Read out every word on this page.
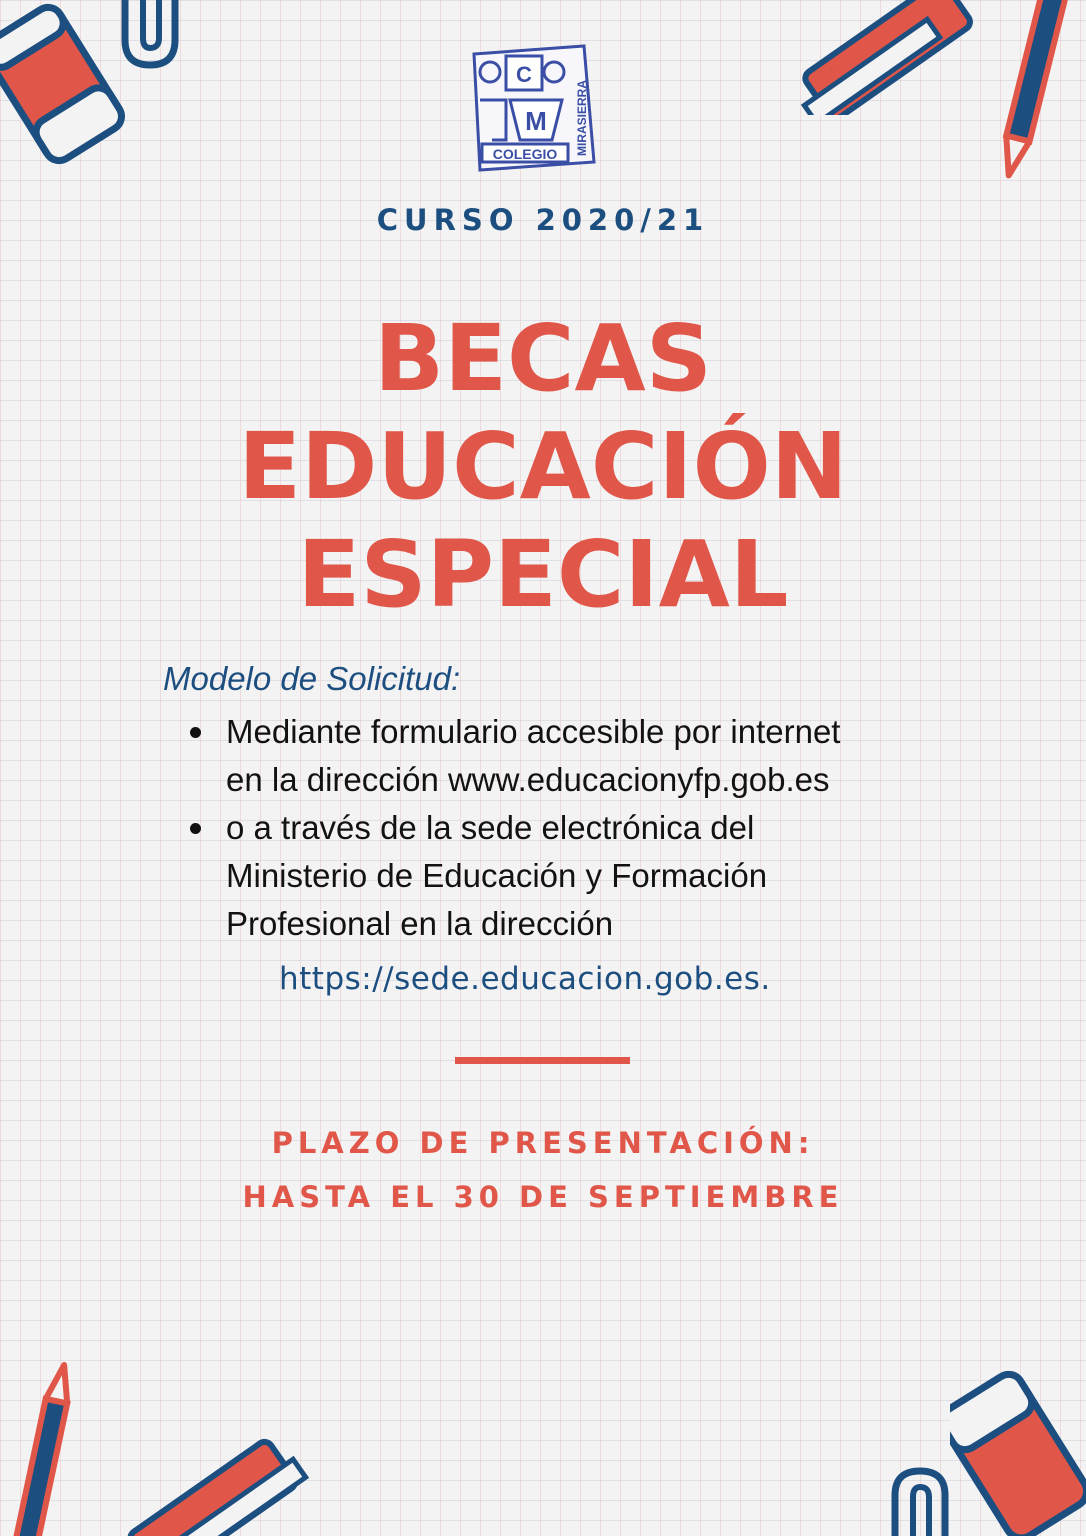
C
M
COLEGIO MIRASIERRA
CURSO 2020/21
BECAS
EDUCACIÓN
ESPECIAL
Modelo de Solicitud:
Mediante formulario accesible por internet
en la dirección www.educacionyfp.gob.es
o a través de la sede electrónica del
Ministerio de Educación y Formación
Profesional en la dirección
https://sede.educacion.gob.es.
PLAZO DE PRESENTACIÓN:
HASTA EL 30 DE SEPTIEMBRE
